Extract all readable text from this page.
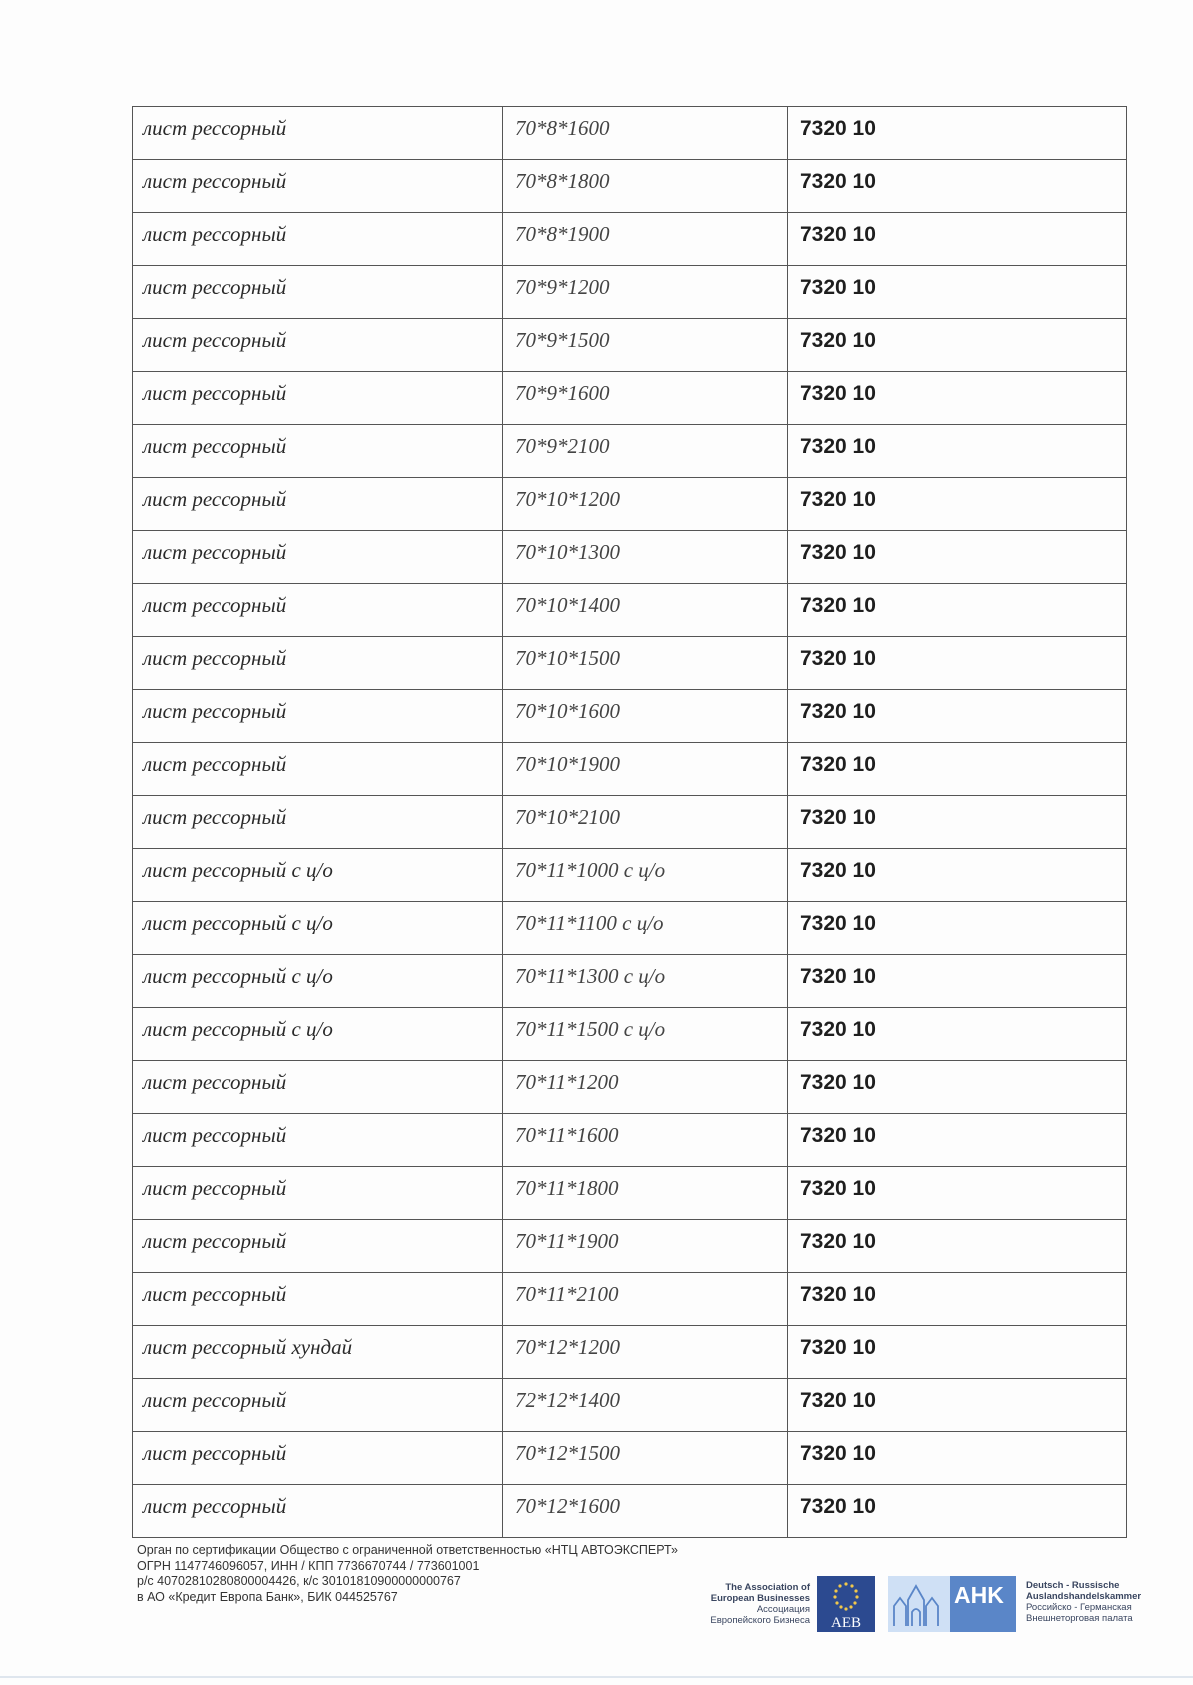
лист рессорный	70*8*1600	7320 10
лист рессорный	70*8*1800	7320 10
лист рессорный	70*8*1900	7320 10
лист рессорный	70*9*1200	7320 10
лист рессорный	70*9*1500	7320 10
лист рессорный	70*9*1600	7320 10
лист рессорный	70*9*2100	7320 10
лист рессорный	70*10*1200	7320 10
лист рессорный	70*10*1300	7320 10
лист рессорный	70*10*1400	7320 10
лист рессорный	70*10*1500	7320 10
лист рессорный	70*10*1600	7320 10
лист рессорный	70*10*1900	7320 10
лист рессорный	70*10*2100	7320 10
лист рессорный с ц/о	70*11*1000 с ц/о	7320 10
лист рессорный с ц/о	70*11*1100 с ц/о	7320 10
лист рессорный с ц/о	70*11*1300 с ц/о	7320 10
лист рессорный с ц/о	70*11*1500 с ц/о	7320 10
лист рессорный	70*11*1200	7320 10
лист рессорный	70*11*1600	7320 10
лист рессорный	70*11*1800	7320 10
лист рессорный	70*11*1900	7320 10
лист рессорный	70*11*2100	7320 10
лист рессорный хундай	70*12*1200	7320 10
лист рессорный	72*12*1400	7320 10
лист рессорный	70*12*1500	7320 10
лист рессорный	70*12*1600	7320 10
Орган по сертификации Общество с ограниченной ответственностью «НТЦ АВТОЭКСПЕРТ»
ОГРН 1147746096057, ИНН / КПП 7736670744 / 773601001
р/с 40702810280800004426, к/с 30101810900000000767
в АО «Кредит Европа Банк», БИК 044525767
The Association of
European Businesses
Ассоциация
Европейского Бизнеса AEB
AHK Deutsch - Russische
Auslandshandelskammer
Российско - Германская
Внешнеторговая палата
